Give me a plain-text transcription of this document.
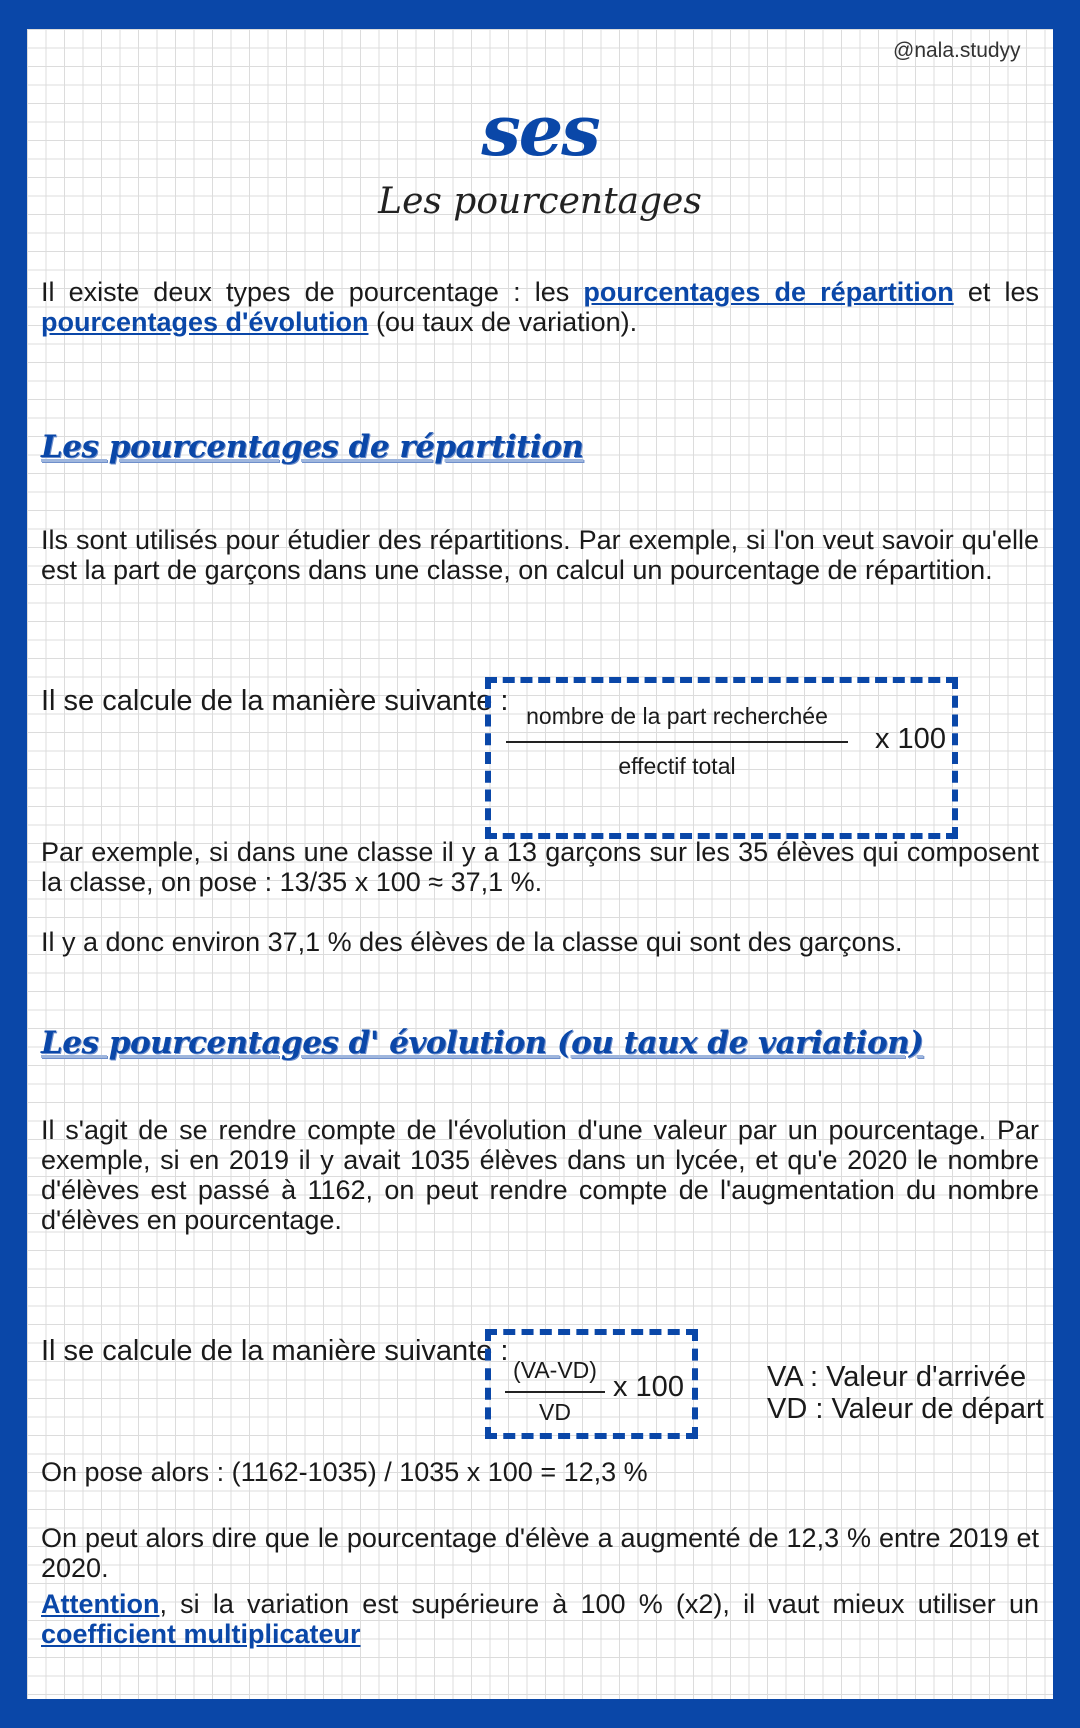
@nala.studyy
ses
Les pourcentages
Il existe deux types de pourcentage : les pourcentages de répartition et les pourcentages d'évolution (ou taux de variation).
Les pourcentages de répartition
Ils sont utilisés pour étudier des répartitions. Par exemple, si l'on veut savoir qu'elle est la part de garçons dans une classe, on calcul un pourcentage de répartition.
Il se calcule de la manière suivante : nombre de la part recherchée
effectif total
x 100
Par exemple, si dans une classe il y a 13 garçons sur les 35 élèves qui composent la classe, on pose : 13/35 x 100 ≈ 37,1 %.
Il y a donc environ 37,1 % des élèves de la classe qui sont des garçons.
Les pourcentages d' évolution (ou taux de variation)
Il s'agit de se rendre compte de l'évolution d'une valeur par un pourcentage. Par exemple, si en 2019 il y avait 1035 élèves dans un lycée, et qu'e 2020 le nombre d'élèves est passé à 1162, on peut rendre compte de l'augmentation du nombre d'élèves en pourcentage.
Il se calcule de la manière suivante :
(VA-VD)
VD
x 100	VA : Valeur d'arrivée
VD : Valeur de départ
On pose alors : (1162-1035) / 1035 x 100 = 12,3 %
On peut alors dire que le pourcentage d'élève a augmenté de 12,3 % entre 2019 et 2020.
Attention, si la variation est supérieure à 100 % (x2), il vaut mieux utiliser un coefficient multiplicateur
